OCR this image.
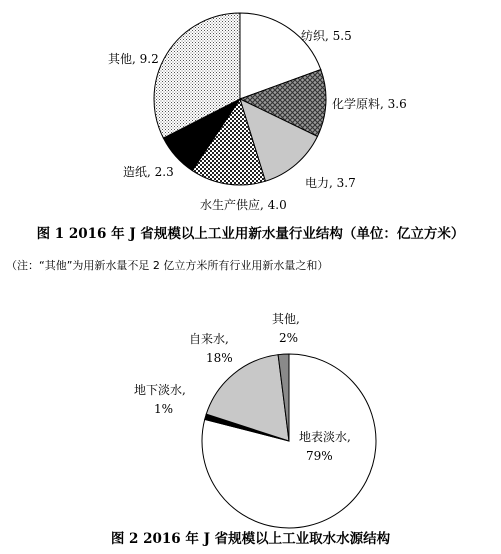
纺织, 5.5
化学原料, 3.6
电力, 3.7
水生产供应, 4.0
造纸, 2.3
其他, 9.2
地表淡水,
79%
地下淡水,
1%
自来水,
18%
其他,
2%
图 1 2016 年 J 省规模以上工业用新水量行业结构（单位：亿立方米）
（注：“其他”为用新水量不足 2 亿立方米所有行业用新水量之和）
图 2 2016 年 J 省规模以上工业取水水源结构
